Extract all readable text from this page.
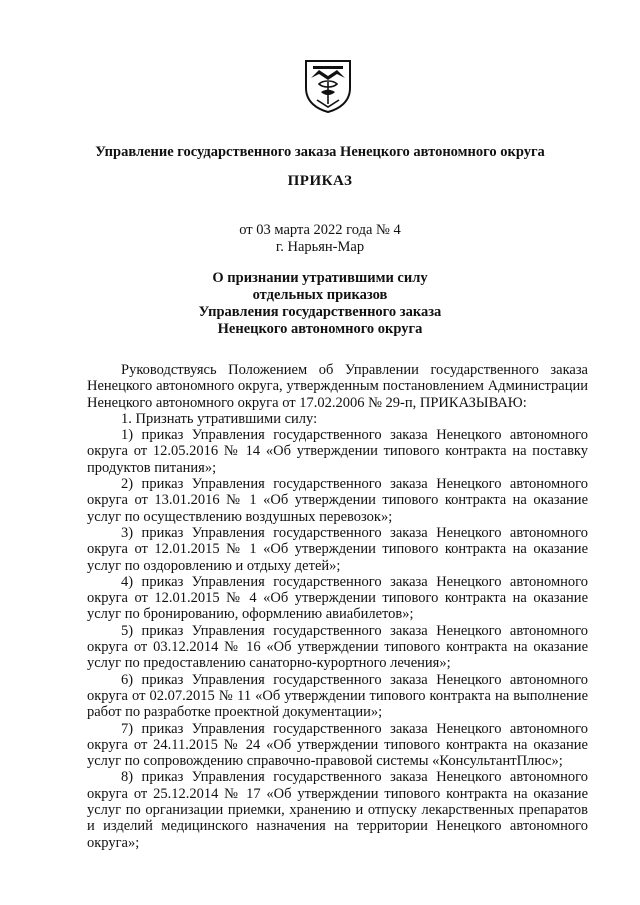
Управление государственного заказа Ненецкого автономного округа
ПРИКАЗ
от 03 марта 2022 года № 4
г. Нарьян-Мар
О признании утратившими силу
отдельных приказов
Управления государственного заказа
Ненецкого автономного округа

Руководствуясь Положением об Управлении государственного заказа Ненецкого автономного округа, утвержденным постановлением Администрации Ненецкого автономного округа от 17.02.2006 № 29-п, ПРИКАЗЫВАЮ:

1. Признать утратившими силу:

1) приказ Управления государственного заказа Ненецкого автономного округа от 12.05.2016 № 14 «Об утверждении типового контракта на поставку продуктов питания»;

2) приказ Управления государственного заказа Ненецкого автономного округа от 13.01.2016 № 1 «Об утверждении типового контракта на оказание услуг по осуществлению воздушных перевозок»;

3) приказ Управления государственного заказа Ненецкого автономного округа от 12.01.2015 № 1 «Об утверждении типового контракта на оказание услуг по оздоровлению и отдыху детей»;

4) приказ Управления государственного заказа Ненецкого автономного округа от 12.01.2015 № 4 «Об утверждении типового контракта на оказание услуг по бронированию, оформлению авиабилетов»;

5) приказ Управления государственного заказа Ненецкого автономного округа от 03.12.2014 № 16 «Об утверждении типового контракта на оказание услуг по предоставлению санаторно-курортного лечения»;

6) приказ Управления государственного заказа Ненецкого автономного округа от 02.07.2015 № 11 «Об утверждении типового контракта на выполнение работ по разработке проектной документации»;

7) приказ Управления государственного заказа Ненецкого автономного округа от 24.11.2015 № 24 «Об утверждении типового контракта на оказание услуг по сопровождению справочно-правовой системы «КонсультантПлюс»;

8) приказ Управления государственного заказа Ненецкого автономного округа от 25.12.2014 № 17 «Об утверждении типового контракта на оказание услуг по организации приемки, хранению и отпуску лекарственных препаратов и изделий медицинского назначения на территории Ненецкого автономного округа»;
